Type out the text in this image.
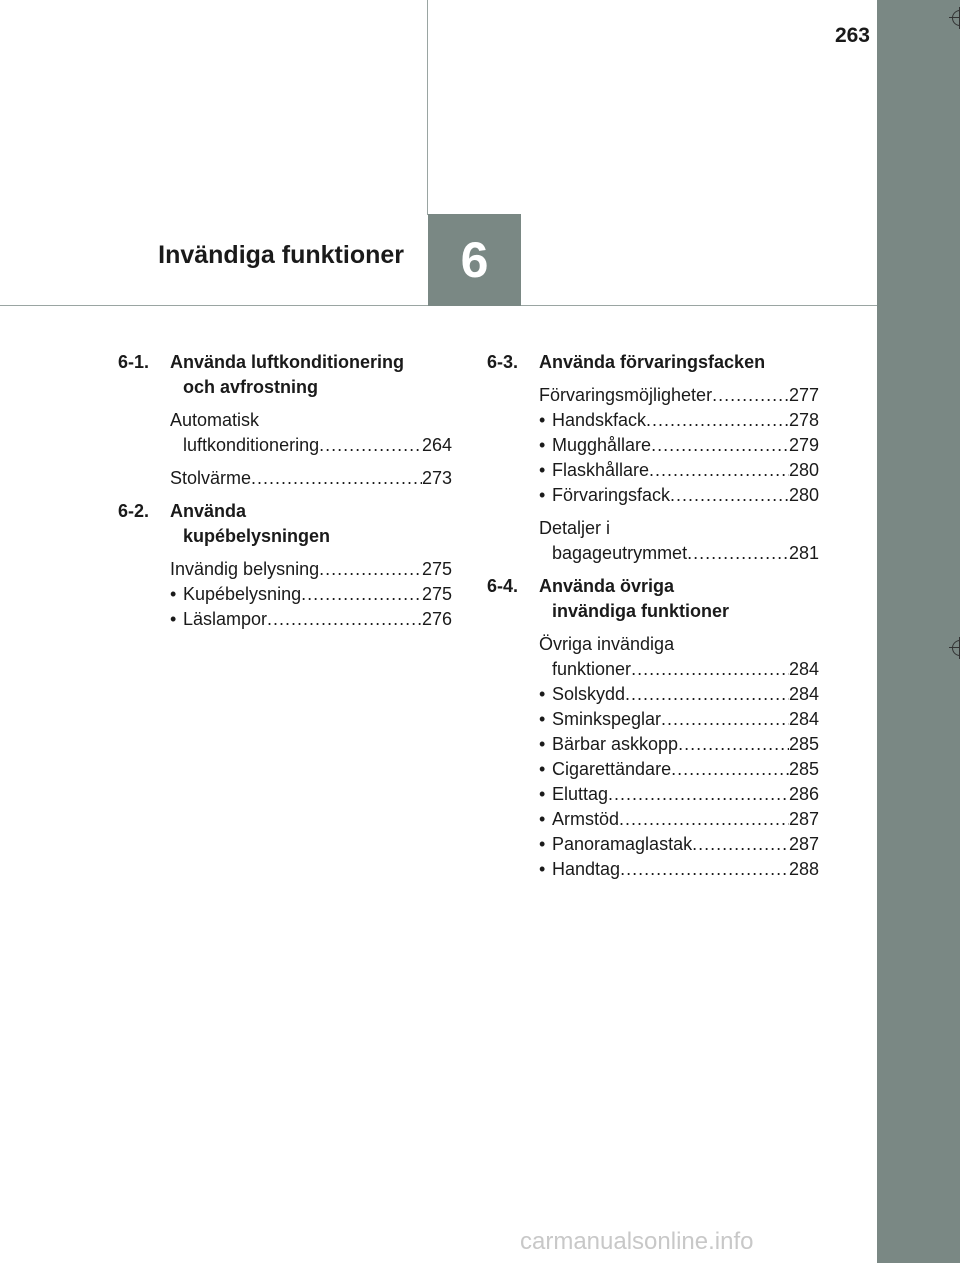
263
Invändiga funktioner 6
6-1. Använda luftkonditionering
och avfrostning
Automatisk
luftkonditionering .....	264
Stolvärme .....	273
6-2. Använda
kupébelysningen
Invändig belysning .....	275
• Kupébelysning .....	275
• Läslampor .....	276
6-3. Använda förvaringsfacken
Förvaringsmöjligheter .....	277
• Handskfack .....	278
• Mugghållare .....	279
• Flaskhållare .....	280
• Förvaringsfack .....	280
Detaljer i
bagageutrymmet .....	281
6-4. Använda övriga
invändiga funktioner
Övriga invändiga
funktioner .....	284
• Solskydd .....	284
• Sminkspeglar .....	284
• Bärbar askkopp .....	285
• Cigarettändare .....	285
• Eluttag .....	286
• Armstöd .....	287
• Panoramaglastak .....	287
• Handtag .....	288
carmanualsonline.info
